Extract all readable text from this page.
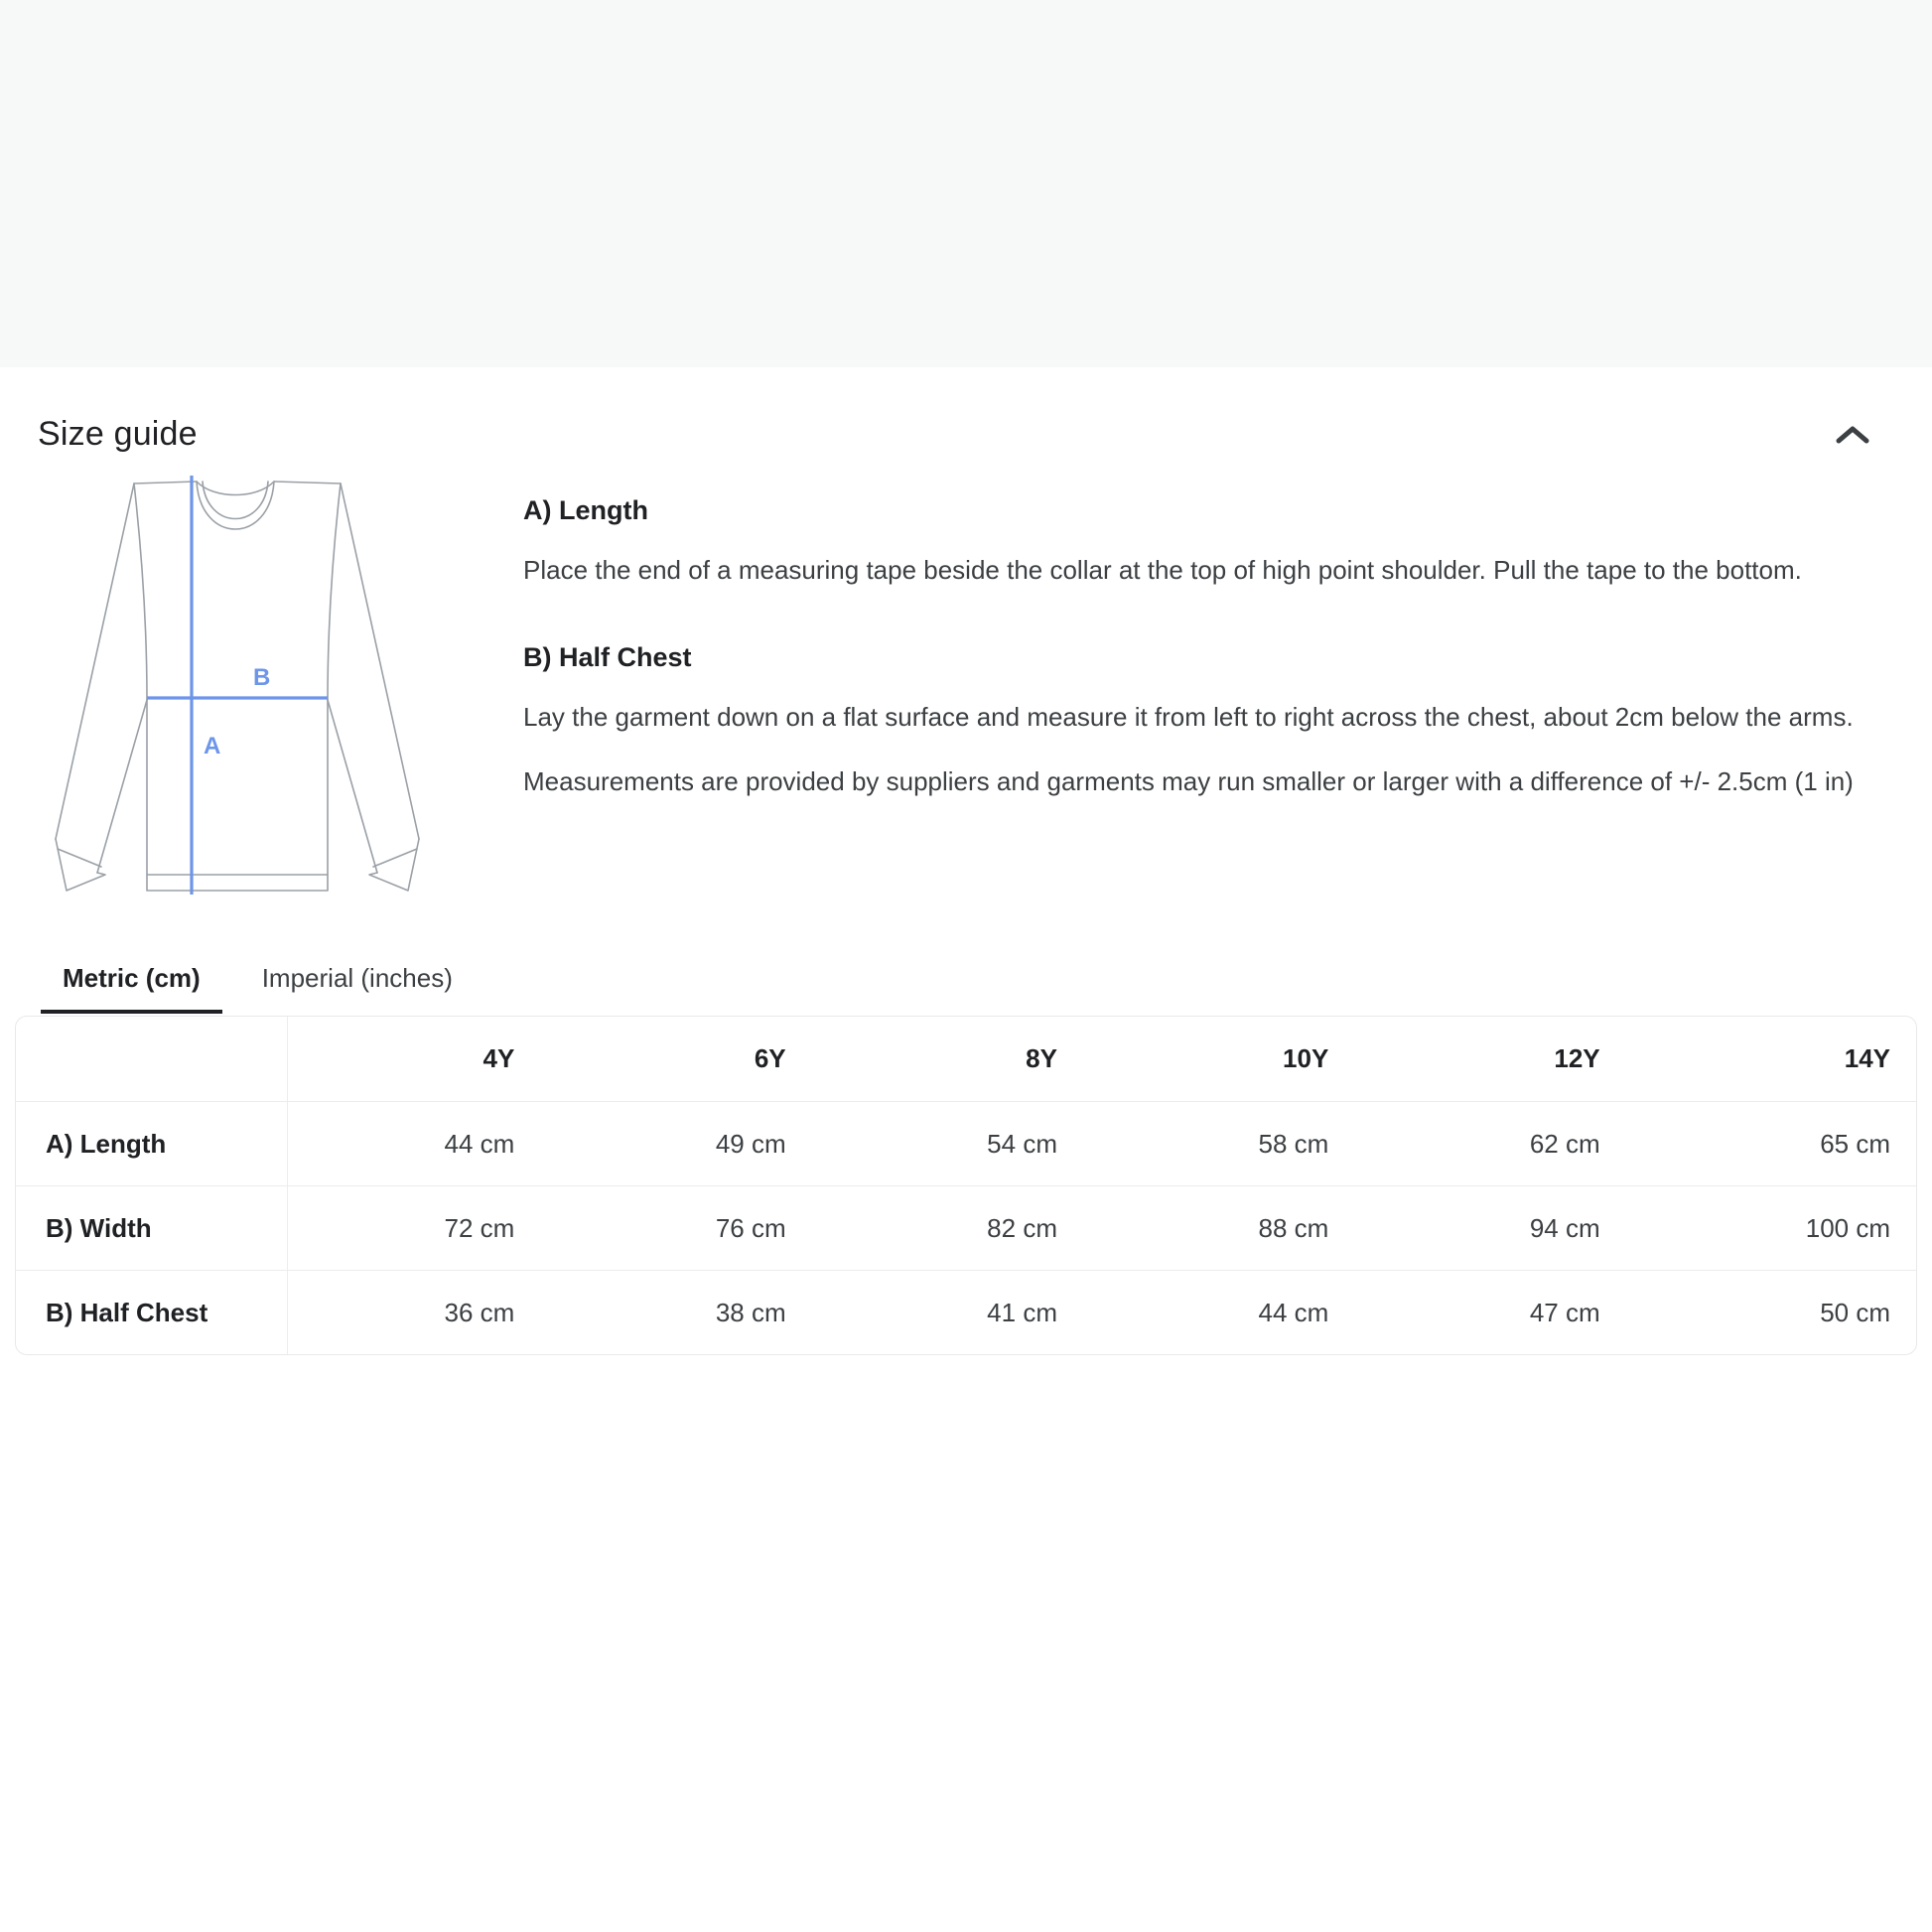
Size guide
B
A
A) Length

Place the end of a measuring tape beside the collar at the top of high point shoulder. Pull the tape to the bottom.

B) Half Chest

Lay the garment down on a flat surface and measure it from left to right across the chest, about 2cm below the arms.

Measurements are provided by suppliers and garments may run smaller or larger with a difference of +/- 2.5cm (1 in)

Metric (cm)	Imperial (inches)
	4Y	6Y	8Y	10Y	12Y	14Y
A) Length	44 cm	49 cm	54 cm	58 cm	62 cm	65 cm
B) Width	72 cm	76 cm	82 cm	88 cm	94 cm	100 cm
B) Half Chest	36 cm	38 cm	41 cm	44 cm	47 cm	50 cm
